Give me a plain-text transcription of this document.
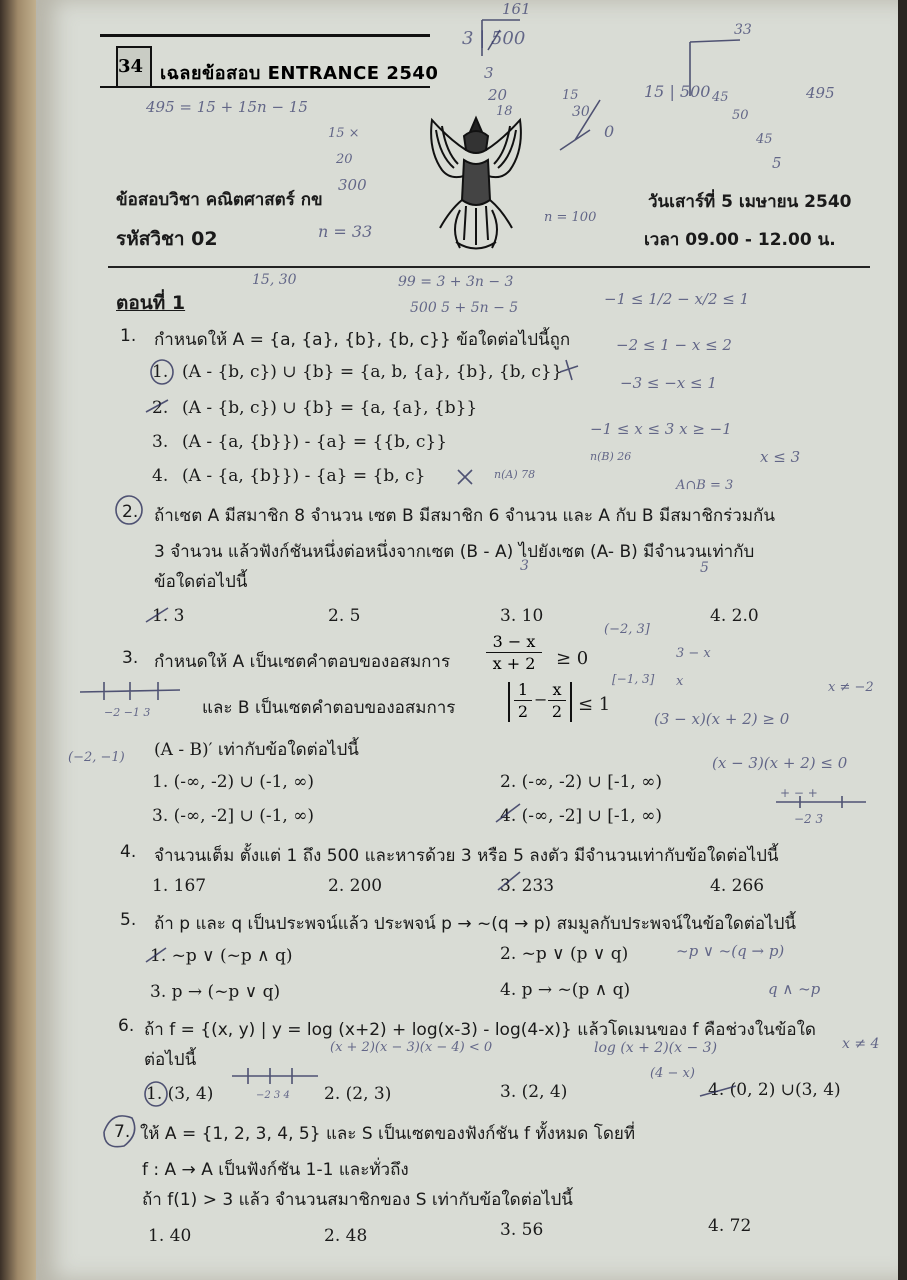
34 เฉลยข้อสอบ ENTRANCE 2540
ข้อสอบวิชา คณิตศาสตร์ กข
รหัสวิชา 02
วันเสาร์ที่ 5 เมษายน 2540
เวลา 09.00 - 12.00 น.
ตอนที่ 1
1. กำหนดให้ A = {a, {a}, {b}, {b, c}} ข้อใดต่อไปนี้ถูก
1. (A - {b, c}) ∪ {b} = {a, b, {a}, {b}, {b, c}}
2. (A - {b, c}) ∪ {b} = {a, {a}, {b}}
3. (A - {a, {b}}) - {a} = {{b, c}}
4. (A - {a, {b}}) - {a} = {b, c}
2. ถ้าเซต A มีสมาชิก 8 จำนวน เซต B มีสมาชิก 6 จำนวน และ A กับ B มีสมาชิกร่วมกัน
3 จำนวน แล้วฟังก์ชันหนึ่งต่อหนึ่งจากเซต (B - A) ไปยังเซต (A- B) มีจำนวนเท่ากับ
ข้อใดต่อไปนี้
1. 3	2. 5	3. 10	4. 2.0
3. กำหนดให้ A เป็นเซตคำตอบของอสมการ
3 − x
x + 2	≥ 0
และ B เป็นเซตคำตอบของอสมการ
1
2
−
x
2 ≤ 1
(A - B)′ เท่ากับข้อใดต่อไปนี้
1. (-∞, -2) ∪ (-1, ∞)	2. (-∞, -2) ∪ [-1, ∞)
3. (-∞, -2] ∪ (-1, ∞)	4. (-∞, -2] ∪ [-1, ∞)
4. จำนวนเต็ม ตั้งแต่ 1 ถึง 500 และหารด้วย 3 หรือ 5 ลงตัว มีจำนวนเท่ากับข้อใดต่อไปนี้
1. 167	2. 200	3. 233	4. 266
5. ถ้า p และ q เป็นประพจน์แล้ว ประพจน์ p → ~(q → p) สมมูลกับประพจน์ในข้อใดต่อไปนี้
1. ~p ∨ (~p ∧ q)	2. ~p ∨ (p ∨ q)
3. p → (~p ∨ q)	4. p → ~(p ∧ q)
6. ถ้า f = {(x, y) | y = log (x+2) + log(x-3) - log(4-x)} แล้วโดเมนของ f คือช่วงในข้อใด
ต่อไปนี้
1. (3, 4)	2. (2, 3)	3. (2, 4)	4. (0, 2) ∪(3, 4)
7. ให้ A = {1, 2, 3, 4, 5} และ S เป็นเซตของฟังก์ชัน f ทั้งหมด โดยที่
f : A → A เป็นฟังก์ชัน 1-1 และทั่วถึง
ถ้า f(1) > 3 แล้ว จำนวนสมาชิกของ S เท่ากับข้อใดต่อไปนี้
1. 40	2. 48	3. 56	4. 72
495 = 15 + 15n − 15
15 ×
20
300
n = 33
n = 100
99 = 3 + 3n − 3
500 5 + 5n − 5
15, 30
161
3 | 500
3
20
18
15
30
0
33
15 | 500 45
50
45
5
495
−1 ≤ 1/2 − x/2 ≤ 1
−2 ≤ 1 − x ≤ 2
−3 ≤ −x ≤ 1
−1 ≤ x ≤ 3 x ≥ −1
x ≤ 3
n(A) 78
n(B) 26
A∩B = 3
3	5
(−2, 3]
[−1, 3]
3 − x
x
(3 − x)(x + 2) ≥ 0
(x − 3)(x + 2) ≤ 0
+ − +
−2 3
x ≠ −2
−2 −1 3
(−2, −1)
~p ∨ ~(q → p)
q ∧ ~p
(x + 2)(x − 3)(x − 4) < 0	log (x + 2)(x − 3)
(4 − x)
x ≠ 4
−2 3 4
